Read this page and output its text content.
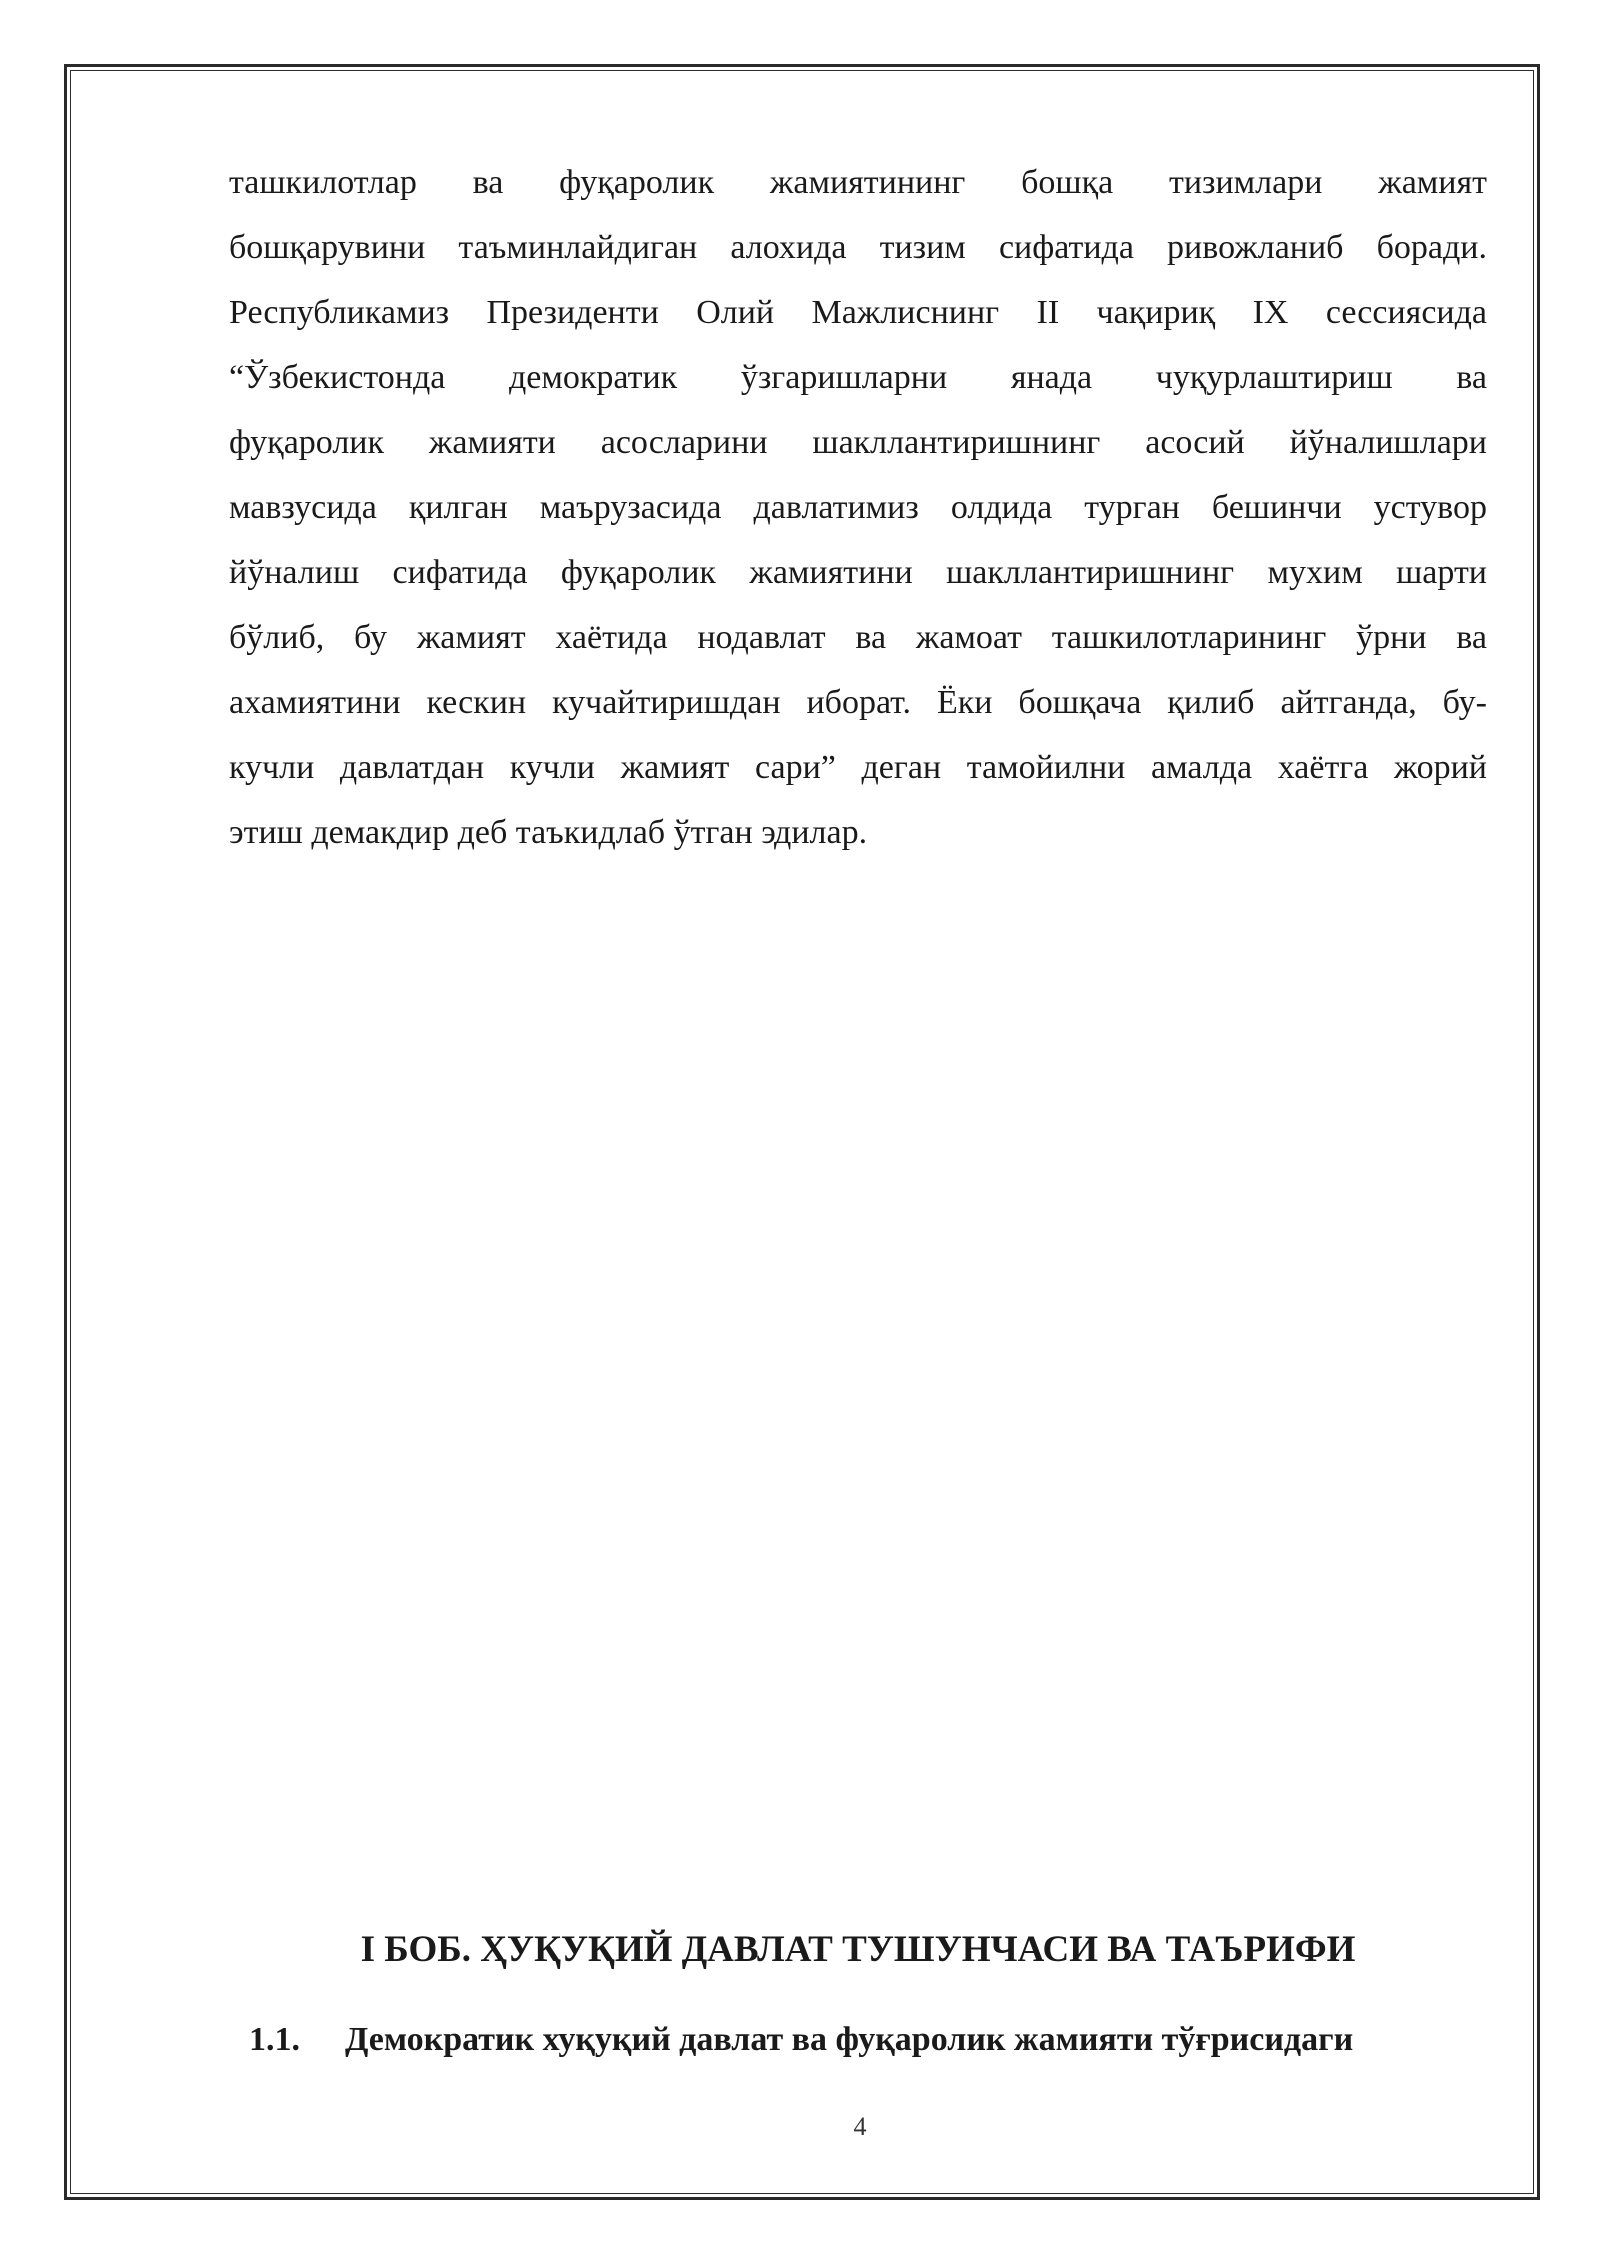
ташкилотлар ва фуқаролик жамиятининг бошқа тизимлари жамият
бошқарувини таъминлайдиган алохида тизим сифатида ривожланиб боради.
Республикамиз Президенти Олий Мажлиснинг II чақириқ IX сессиясида
“Ўзбекистонда демократик ўзгаришларни янада чуқурлаштириш ва
фуқаролик жамияти асосларини шакллантиришнинг асосий йўналишлари
мавзусида қилган маърузасида давлатимиз олдида турган бешинчи устувор
йўналиш сифатида фуқаролик жамиятини шакллантиришнинг мухим шарти
бўлиб, бу жамият хаётида нодавлат ва жамоат ташкилотларининг ўрни ва
ахамиятини кескин кучайтиришдан иборат. Ёки бошқача қилиб айтганда, бу-
кучли давлатдан кучли жамият сари” деган тамойилни амалда хаётга жорий
этиш демакдир деб таъкидлаб ўтган эдилар.
I БОБ. ҲУҚУҚИЙ ДАВЛАТ ТУШУНЧАСИ ВА ТАЪРИФИ
1.1. Демократик хуқуқий давлат ва фуқаролик жамияти тўғрисидаги
4
